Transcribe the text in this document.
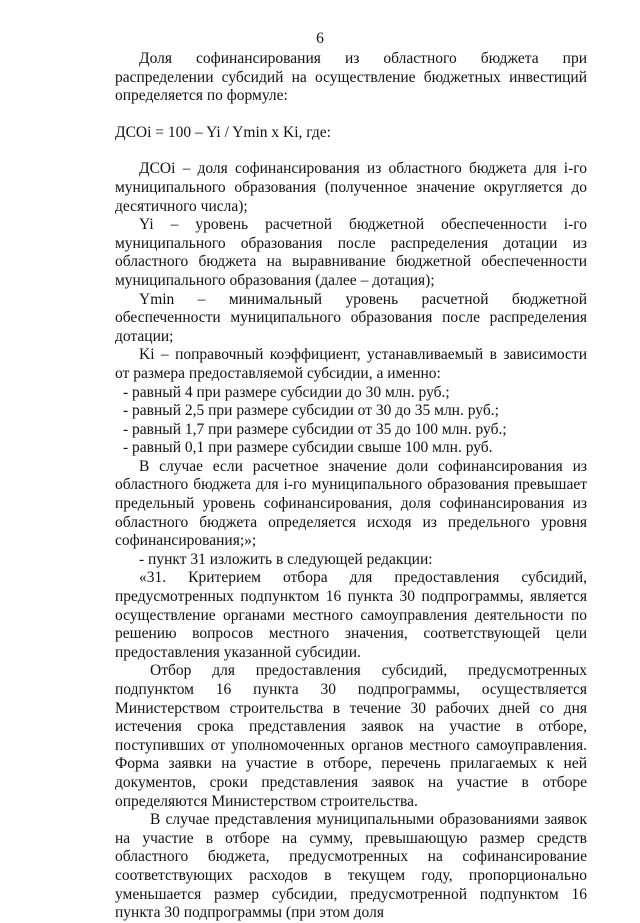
6

Доля софинансирования из областного бюджета при распределении субсидий на осуществление бюджетных инвестиций определяется по формуле:

ДСОi = 100 – Yi / Ymin x Ki, где:

ДСОi – доля софинансирования из областного бюджета для i-го муниципального образования (полученное значение округляется до десятичного числа);

Yi – уровень расчетной бюджетной обеспеченности i-го муниципального образования после распределения дотации из областного бюджета на выравнивание бюджетной обеспеченности муниципального образования (далее – дотация);

Ymin – минимальный уровень расчетной бюджетной обеспеченности муниципального образования после распределения дотации;

Ki – поправочный коэффициент, устанавливаемый в зависимости от размера предоставляемой субсидии, а именно:

- равный 4 при размере субсидии до 30 млн. руб.;

- равный 2,5 при размере субсидии от 30 до 35 млн. руб.;

- равный 1,7 при размере субсидии от 35 до 100 млн. руб.;

- равный 0,1 при размере субсидии свыше 100 млн. руб.

В случае если расчетное значение доли софинансирования из областного бюджета для i-го муниципального образования превышает предельный уровень софинансирования, доля софинансирования из областного бюджета определяется исходя из предельного уровня софинансирования;»;

- пункт 31 изложить в следующей редакции:

«31. Критерием отбора для предоставления субсидий, предусмотренных подпунктом 16 пункта 30 подпрограммы, является осуществление органами местного самоуправления деятельности по решению вопросов местного значения, соответствующей цели предоставления указанной субсидии.

Отбор для предоставления субсидий, предусмотренных подпунктом 16 пункта 30 подпрограммы, осуществляется Министерством строительства в течение 30 рабочих дней со дня истечения срока представления заявок на участие в отборе, поступивших от уполномоченных органов местного самоуправления. Форма заявки на участие в отборе, перечень прилагаемых к ней документов, сроки представления заявок на участие в отборе определяются Министерством строительства.

В случае представления муниципальными образованиями заявок на участие в отборе на сумму, превышающую размер средств областного бюджета, предусмотренных на софинансирование соответствующих расходов в текущем году, пропорционально уменьшается размер субсидии, предусмотренной подпунктом 16 пункта 30 подпрограммы (при этом доля
